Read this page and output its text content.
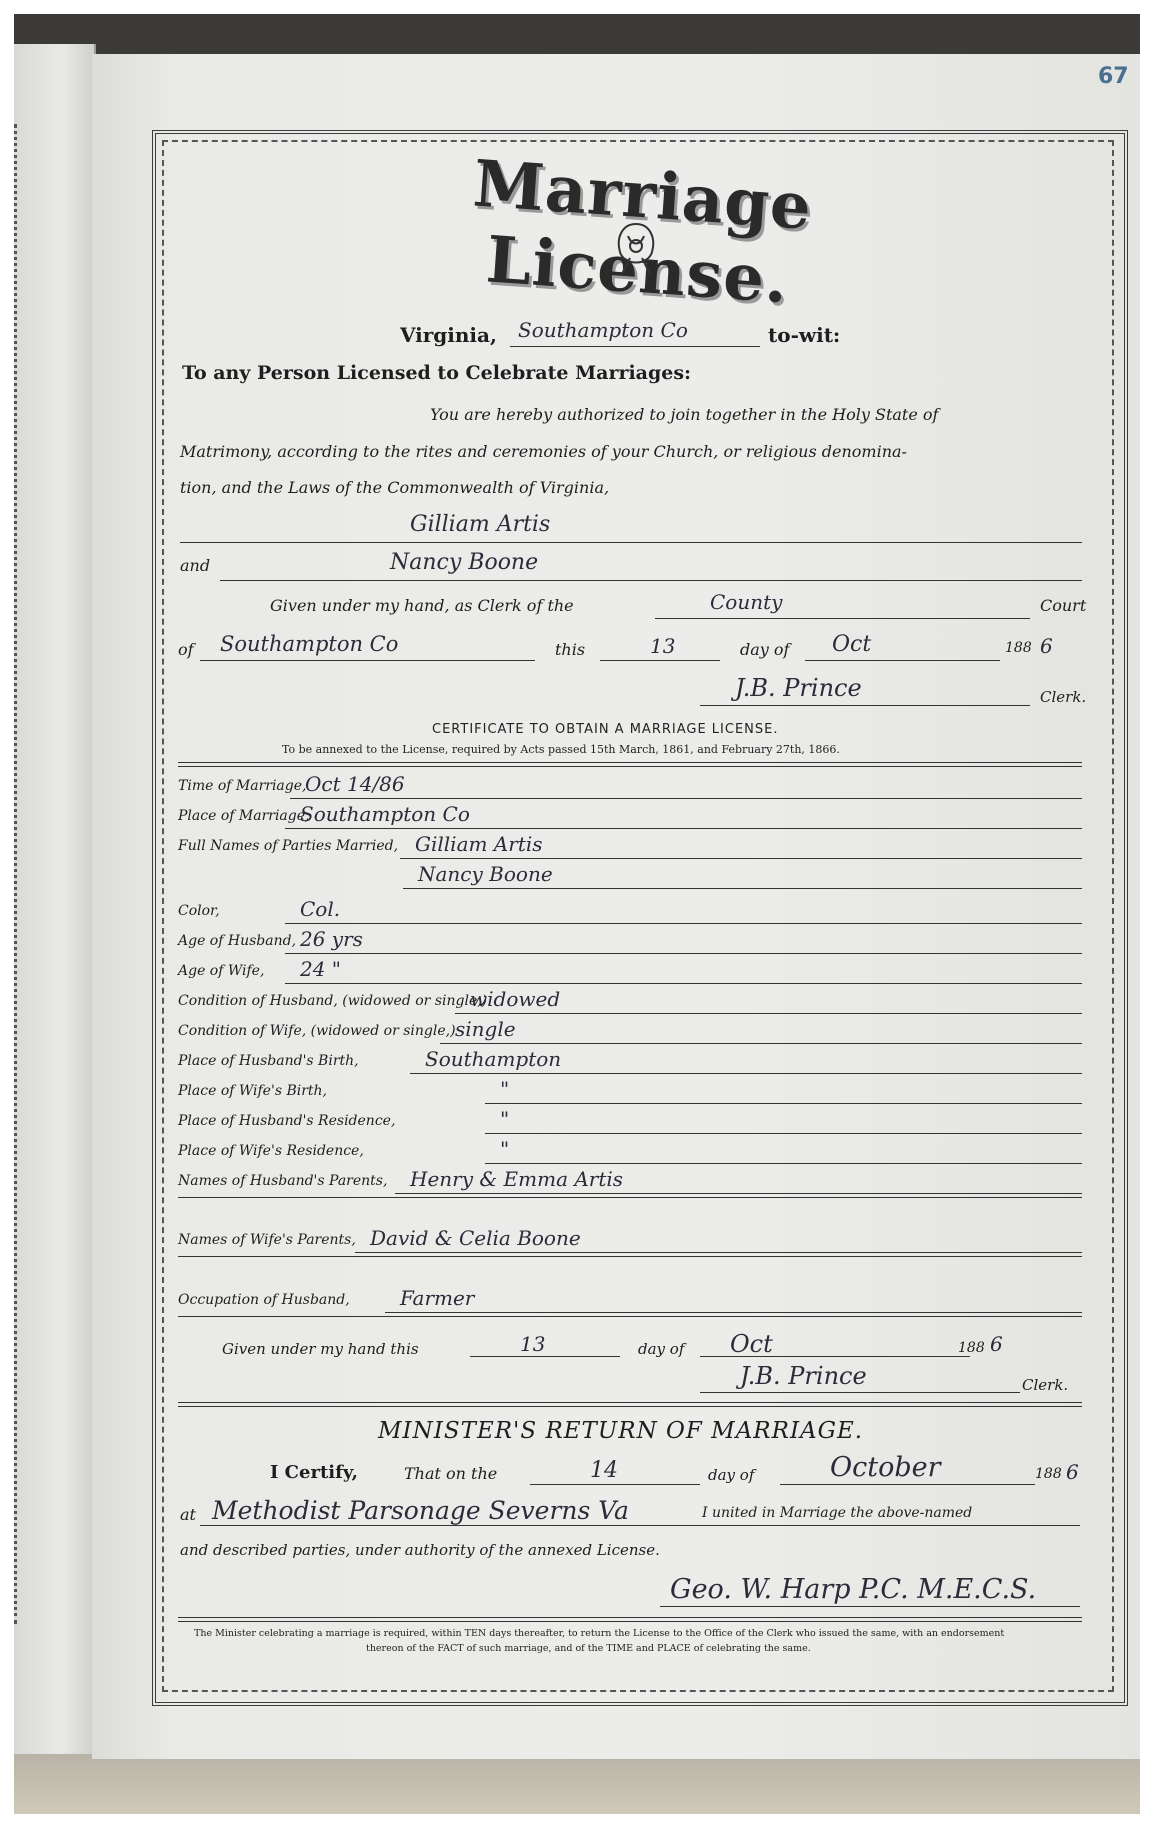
67
Marriage License.
Virginia, Southampton Co	to-wit:
To any Person Licensed to Celebrate Marriages:
You are hereby authorized to join together in the Holy State of
Matrimony, according to the rites and ceremonies of your Church, or religious denomina-
tion, and the Laws of the Commonwealth of Virginia,
Gilliam Artis
and	Nancy Boone
Given under my hand, as Clerk of the	County	Court
of Southampton Co	this	13	day of Oct	188 6
J.B. Prince	Clerk.
CERTIFICATE TO OBTAIN A MARRIAGE LICENSE.
To be annexed to the License, required by Acts passed 15th March, 1861, and February 27th, 1866.
Time of Marriage,
Oct 14/86
Place of Marriage,
Southampton Co
Full Names of Parties Married, Gilliam Artis
Nancy Boone
Color,	Col.
Age of Husband, 26 yrs
Age of Wife, 24 "
Condition of Husband, (widowed or single,)
widowed
Condition of Wife, (widowed or single,) single
Place of Husband's Birth,	Southampton
Place of Wife's Birth,	"
Place of Husband's Residence,	"
Place of Wife's Residence,	"
Names of Husband's Parents, Henry & Emma Artis
Names of Wife's Parents, David & Celia Boone
Occupation of Husband,	Farmer
Given under my hand this	13	day of Oct	188 6
J.B. Prince	Clerk.
MINISTER'S RETURN OF MARRIAGE.
I Certify,	That on the	14	day of	October	188 6
at Methodist Parsonage Severns Va	I united in Marriage the above-named
and described parties, under authority of the annexed License.
Geo. W. Harp P.C. M.E.C.S.
The Minister celebrating a marriage is required, within TEN days thereafter, to return the License to the Office of the Clerk who issued the same, with an endorsement
thereon of the FACT of such marriage, and of the TIME and PLACE of celebrating the same.
